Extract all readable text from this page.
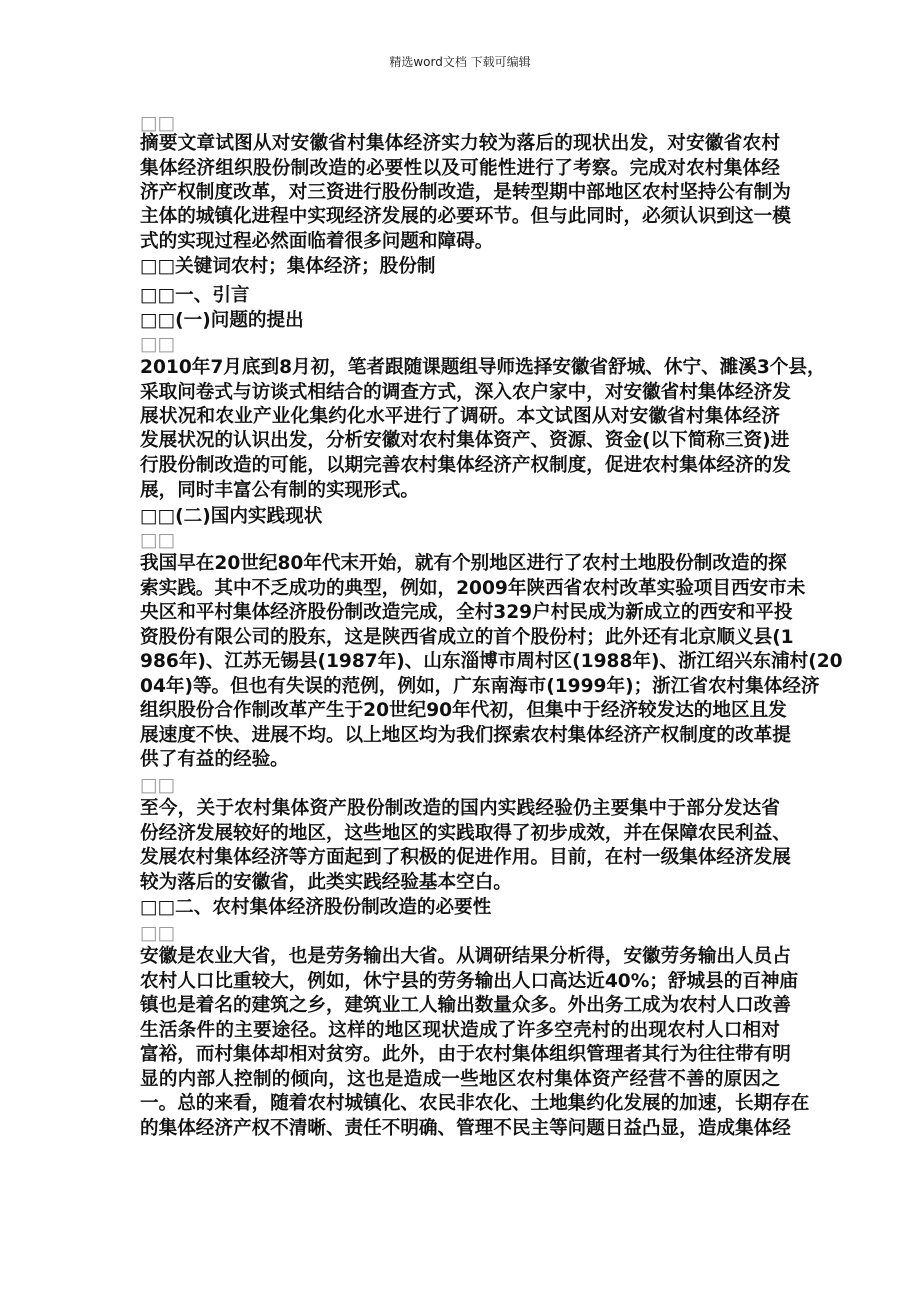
精选word文档 下载可编辑
□□
摘要文章试图从对安徽省村集体经济实力较为落后的现状出发，对安徽省农村
集体经济组织股份制改造的必要性以及可能性进行了考察。完成对农村集体经
济产权制度改革，对三资进行股份制改造，是转型期中部地区农村坚持公有制为
主体的城镇化进程中实现经济发展的必要环节。但与此同时，必须认识到这一模
式的实现过程必然面临着很多问题和障碍。
□□关键词农村；集体经济；股份制
□□一、引言
□□(一)问题的提出
□□
2010年7月底到8月初，笔者跟随课题组导师选择安徽省舒城、休宁、濉溪3个县，
采取问卷式与访谈式相结合的调查方式，深入农户家中，对安徽省村集体经济发
展状况和农业产业化集约化水平进行了调研。本文试图从对安徽省村集体经济
发展状况的认识出发，分析安徽对农村集体资产、资源、资金(以下简称三资)进
行股份制改造的可能，以期完善农村集体经济产权制度，促进农村集体经济的发
展，同时丰富公有制的实现形式。
□□(二)国内实践现状
□□
我国早在20世纪80年代末开始，就有个别地区进行了农村土地股份制改造的探
索实践。其中不乏成功的典型，例如，2009年陕西省农村改革实验项目西安市未
央区和平村集体经济股份制改造完成，全村329户村民成为新成立的西安和平投
资股份有限公司的股东，这是陕西省成立的首个股份村；此外还有北京顺义县(1
986年)、江苏无锡县(1987年)、山东淄博市周村区(1988年)、浙江绍兴东浦村(20
04年)等。但也有失误的范例，例如，广东南海市(1999年)；浙江省农村集体经济
组织股份合作制改革产生于20世纪90年代初，但集中于经济较发达的地区且发
展速度不快、进展不均。以上地区均为我们探索农村集体经济产权制度的改革提
供了有益的经验。
□□
至今，关于农村集体资产股份制改造的国内实践经验仍主要集中于部分发达省
份经济发展较好的地区，这些地区的实践取得了初步成效，并在保障农民利益、
发展农村集体经济等方面起到了积极的促进作用。目前，在村一级集体经济发展
较为落后的安徽省，此类实践经验基本空白。
□□二、农村集体经济股份制改造的必要性
□□
安徽是农业大省，也是劳务输出大省。从调研结果分析得，安徽劳务输出人员占
农村人口比重较大，例如，休宁县的劳务输出人口高达近40%；舒城县的百神庙
镇也是着名的建筑之乡，建筑业工人输出数量众多。外出务工成为农村人口改善
生活条件的主要途径。这样的地区现状造成了许多空壳村的出现农村人口相对
富裕，而村集体却相对贫穷。此外，由于农村集体组织管理者其行为往往带有明
显的内部人控制的倾向，这也是造成一些地区农村集体资产经营不善的原因之
一。总的来看，随着农村城镇化、农民非农化、土地集约化发展的加速，长期存在
的集体经济产权不清晰、责任不明确、管理不民主等问题日益凸显，造成集体经
